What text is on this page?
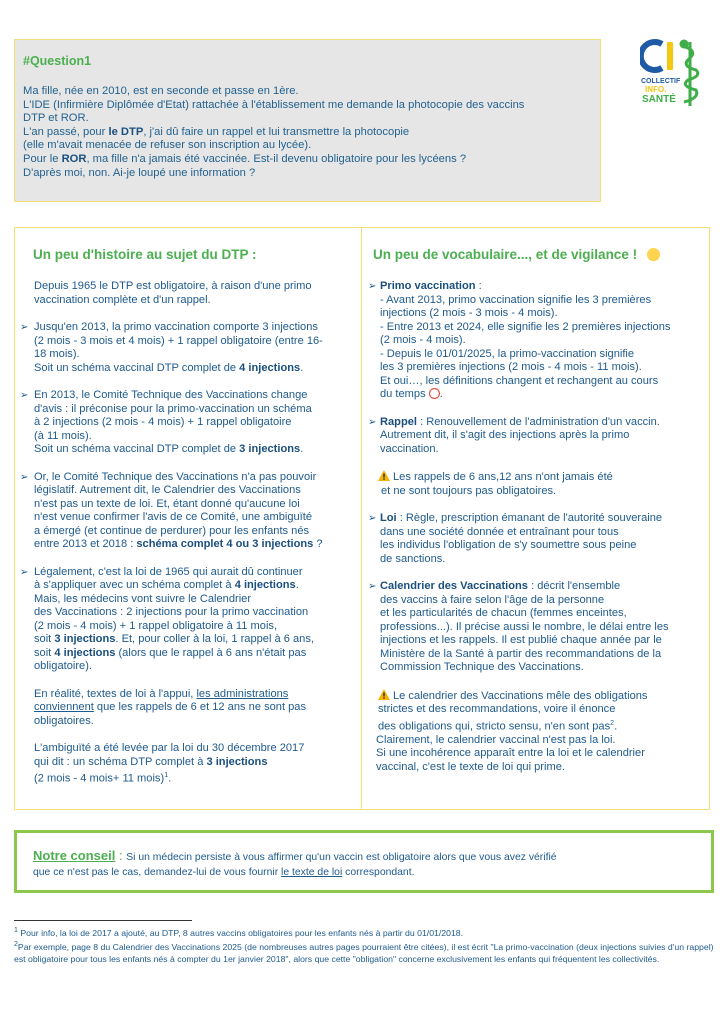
#Question1

Ma fille, née en 2010, est en seconde et passe en 1ère.

L'IDE (Infirmière Diplômée d'Etat) rattachée à l'établissement me demande la photocopie des vaccins

DTP et ROR.

L'an passé, pour le DTP, j'ai dû faire un rappel et lui transmettre la photocopie

(elle m'avait menacée de refuser son inscription au lycée).

Pour le ROR, ma fille n'a jamais été vaccinée. Est-il devenu obligatoire pour les lycéens ?

D'après moi, non. Ai-je loupé une information ?

COLLECTIF
INFO.
SANTÉ
Un peu d'histoire au sujet du DTP :
Depuis 1965 le DTP est obligatoire, à raison d'une primo
vaccination complète et d'un rappel.
➢ Jusqu'en 2013, la primo vaccination comporte 3 injections
(2 mois - 3 mois et 4 mois) + 1 rappel obligatoire (entre 16-
18 mois).
Soit un schéma vaccinal DTP complet de 4 injections.
➢ En 2013, le Comité Technique des Vaccinations change
d'avis : il préconise pour la primo-vaccination un schéma
à 2 injections (2 mois - 4 mois) + 1 rappel obligatoire
(à 11 mois).
Soit un schéma vaccinal DTP complet de 3 injections.
➢ Or, le Comité Technique des Vaccinations n'a pas pouvoir
législatif. Autrement dit, le Calendrier des Vaccinations
n'est pas un texte de loi. Et, étant donné qu'aucune loi
n'est venue confirmer l'avis de ce Comité, une ambiguïté
a émergé (et continue de perdurer) pour les enfants nés
entre 2013 et 2018 : schéma complet 4 ou 3 injections ?
➢ Légalement, c'est la loi de 1965 qui aurait dû continuer
à s'appliquer avec un schéma complet à 4 injections.
Mais, les médecins vont suivre le Calendrier
des Vaccinations : 2 injections pour la primo vaccination
(2 mois - 4 mois) + 1 rappel obligatoire à 11 mois,
soit 3 injections. Et, pour coller à la loi, 1 rappel à 6 ans,
soit 4 injections (alors que le rappel à 6 ans n'était pas
obligatoire).
En réalité, textes de loi à l'appui, les administrations
conviennent que les rappels de 6 et 12 ans ne sont pas
obligatoires.
L'ambiguïté a été levée par la loi du 30 décembre 2017
qui dit : un schéma DTP complet à 3 injections
(2 mois - 4 mois+ 11 mois)$^1$.
Un peu de vocabulaire..., et de vigilance !
➢ Primo vaccination :
- Avant 2013, primo vaccination signifie les 3 premières
injections (2 mois - 3 mois - 4 mois).
- Entre 2013 et 2024, elle signifie les 2 premières injections
(2 mois - 4 mois).
- Depuis le 01/01/2025, la primo-vaccination signifie
les 3 premières injections (2 mois - 4 mois - 11 mois).
Et oui…, les définitions changent et rechangent au cours
du temps .
➢ Rappel : Renouvellement de l'administration d'un vaccin.
Autrement dit, il s'agit des injections après la primo
vaccination.
Les rappels de 6 ans,12 ans n'ont jamais été
et ne sont toujours pas obligatoires.
➢ Loi : Règle, prescription émanant de l'autorité souveraine
dans une société donnée et entraînant pour tous
les individus l'obligation de s'y soumettre sous peine
de sanctions.
➢ Calendrier des Vaccinations : décrit l'ensemble
des vaccins à faire selon l'âge de la personne
et les particularités de chacun (femmes enceintes,
professions...). Il précise aussi le nombre, le délai entre les
injections et les rappels. Il est publié chaque année par le
Ministère de la Santé à partir des recommandations de la
Commission Technique des Vaccinations.
Le calendrier des Vaccinations mêle des obligations
strictes et des recommandations, voire il énonce
des obligations qui, stricto sensu, n'en sont pas$^2$.
Clairement, le calendrier vaccinal n'est pas la loi.
Si une incohérence apparaît entre la loi et le calendrier
vaccinal, c'est le texte de loi qui prime.
Notre conseil : Si un médecin persiste à vous affirmer qu'un vaccin est obligatoire alors que vous avez vérifié
que ce n'est pas le cas, demandez-lui de vous fournir le texte de loi correspondant.

$^1$ Pour info, la loi de 2017 a ajouté, au DTP, 8 autres vaccins obligatoires pour les enfants nés à partir du 01/01/2018.

$^2$Par exemple, page 8 du Calendrier des Vaccinations 2025 (de nombreuses autres pages pourraient être citées), il est écrit "La primo-vaccination (deux injections suivies d'un rappel) est obligatoire pour tous les enfants nés à compter du 1er janvier 2018", alors que cette "obligation" concerne exclusivement les enfants qui fréquentent les collectivités.
